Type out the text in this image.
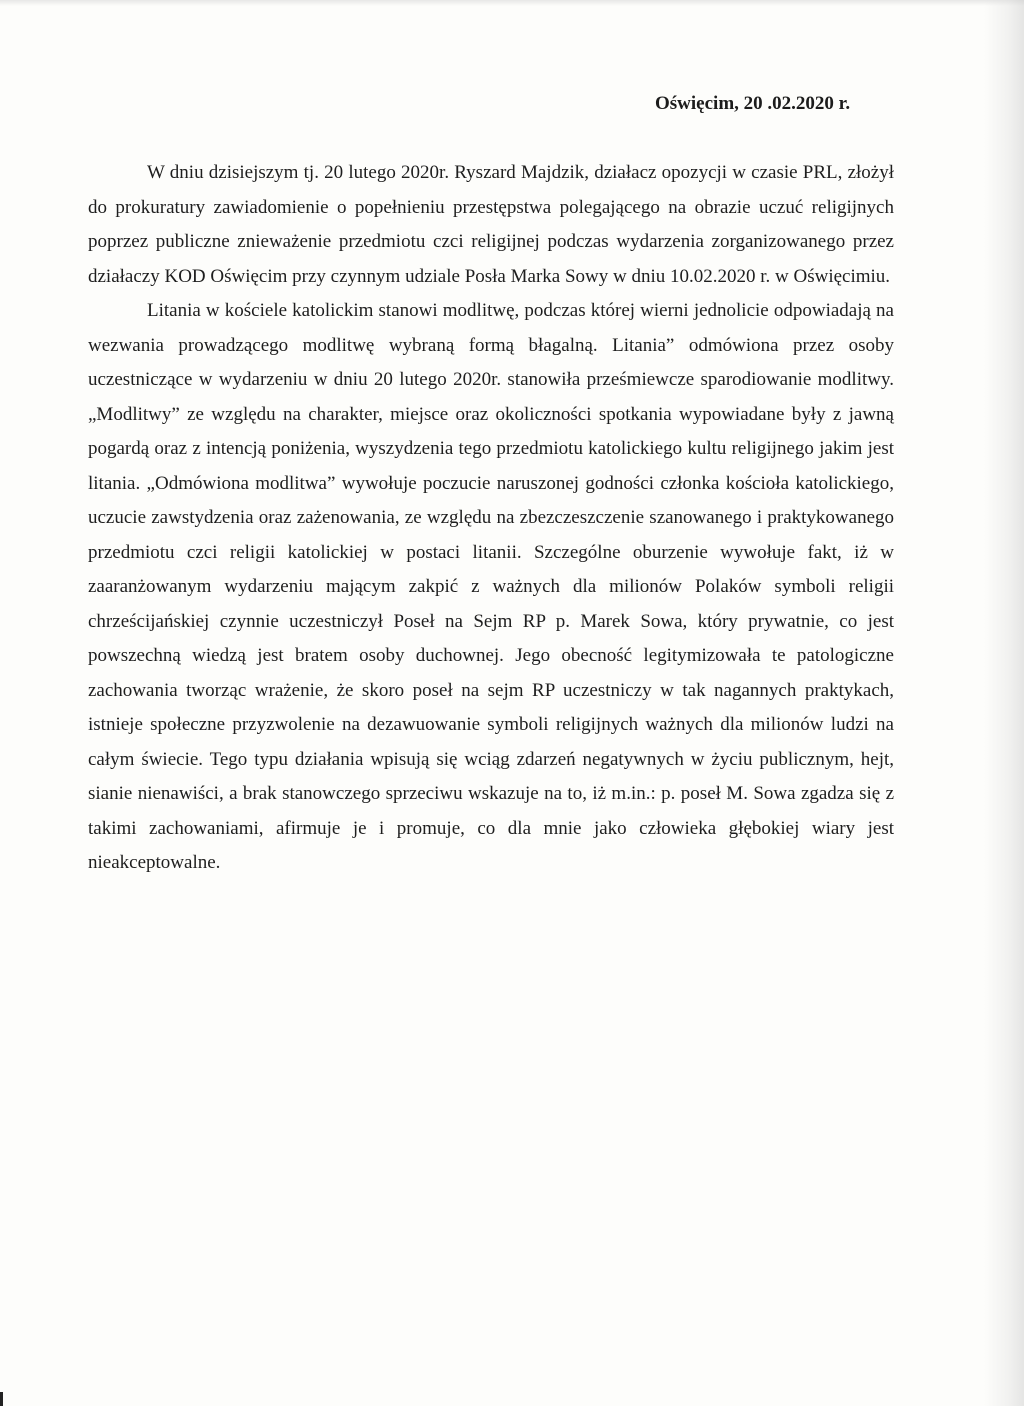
Oświęcim, 20 .02.2020 r.

W dniu dzisiejszym tj. 20 lutego 2020r. Ryszard Majdzik, działacz opozycji w czasie PRL, złożył do prokuratury zawiadomienie o popełnieniu przestępstwa polegającego na obrazie uczuć religijnych poprzez publiczne znieważenie przedmiotu czci religijnej podczas wydarzenia zorganizowanego przez działaczy KOD Oświęcim przy czynnym udziale Posła Marka Sowy w dniu 10.02.2020 r. w Oświęcimiu.

Litania w kościele katolickim stanowi modlitwę, podczas której wierni jednolicie odpowiadają na wezwania prowadzącego modlitwę wybraną formą błagalną. Litania” odmówiona przez osoby uczestniczące w wydarzeniu w dniu 20 lutego 2020r. stanowiła prześmiewcze sparodiowanie modlitwy. „Modlitwy” ze względu na charakter, miejsce oraz okoliczności spotkania wypowiadane były z jawną pogardą oraz z intencją poniżenia, wyszydzenia tego przedmiotu katolickiego kultu religijnego jakim jest litania. „Odmówiona modlitwa” wywołuje poczucie naruszonej godności członka kościoła katolickiego, uczucie zawstydzenia oraz zażenowania, ze względu na zbezczeszczenie szanowanego i praktykowanego przedmiotu czci religii katolickiej w postaci litanii. Szczególne oburzenie wywołuje fakt, iż w zaaranżowanym wydarzeniu mającym zakpić z ważnych dla milionów Polaków symboli religii chrześcijańskiej czynnie uczestniczył Poseł na Sejm RP p. Marek Sowa, który prywatnie, co jest powszechną wiedzą jest bratem osoby duchownej. Jego obecność legitymizowała te patologiczne zachowania tworząc wrażenie, że skoro poseł na sejm RP uczestniczy w tak nagannych praktykach, istnieje społeczne przyzwolenie na dezawuowanie symboli religijnych ważnych dla milionów ludzi na całym świecie. Tego typu działania wpisują się wciąg zdarzeń negatywnych w życiu publicznym, hejt, sianie nienawiści, a brak stanowczego sprzeciwu wskazuje na to, iż m.in.: p. poseł M. Sowa zgadza się z takimi zachowaniami, afirmuje je i promuje, co dla mnie jako człowieka głębokiej wiary jest nieakceptowalne.
